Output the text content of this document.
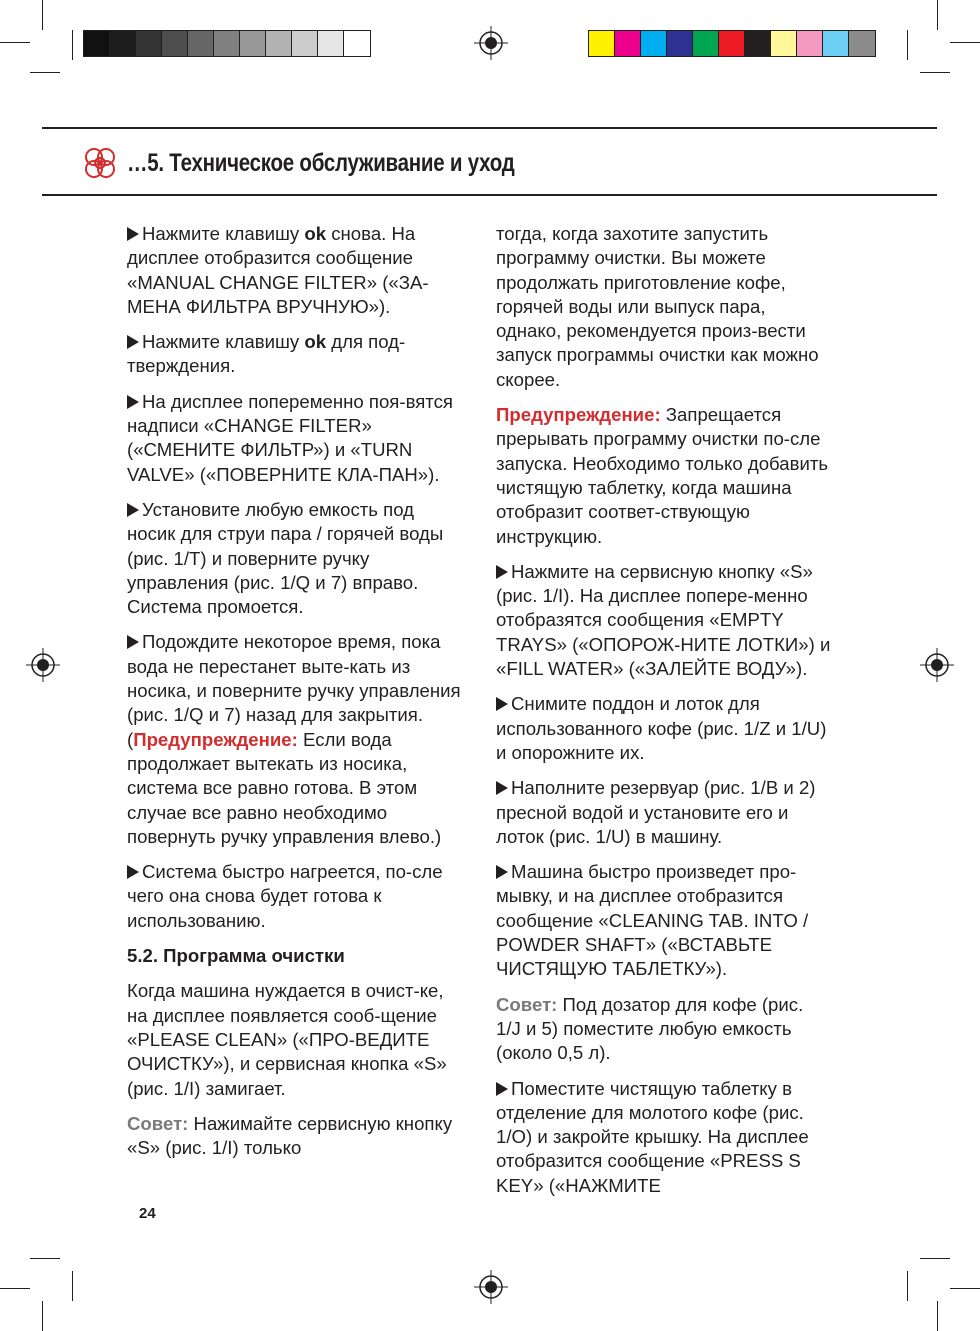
…5. Техническое обслуживание и уход

Нажмите клавишу ok снова. На дисплее отобразится сообщение «MANUAL CHANGE FILTER» («ЗА-МЕНА ФИЛЬТРА ВРУЧНУЮ»).

Нажмите клавишу ok для под-тверждения.

На дисплее попеременно поя-вятся надписи «CHANGE FILTER» («СМЕНИТЕ ФИЛЬТР») и «TURN VALVE» («ПОВЕРНИТЕ КЛА-ПАН»).

Установите любую емкость под носик для струи пара / горячей воды (рис. 1/T) и поверните ручку управления (рис. 1/Q и 7) вправо. Система промоется.

Подождите некоторое время, пока вода не перестанет выте-кать из носика, и поверните ручку управления (рис. 1/Q и 7) назад для закрытия. (Предупреждение: Если вода продолжает вытекать из носика, система все равно готова. В этом случае все равно необходимо повернуть ручку управления влево.)

Система быстро нагреется, по-сле чего она снова будет готова к использованию.

5.2. Программа очистки

Когда машина нуждается в очист-ке, на дисплее появляется сооб-щение «PLEASE CLEAN» («ПРО-ВЕДИТЕ ОЧИСТКУ»), и сервисная кнопка «S» (рис. 1/I) замигает.

Совет: Нажимайте сервисную кнопку «S» (рис. 1/I) только

тогда, когда захотите запустить программу очистки. Вы можете продолжать приготовление кофе, горячей воды или выпуск пара, однако, рекомендуется произ-вести запуск программы очистки как можно скорее.

Предупреждение: Запрещается прерывать программу очистки по-сле запуска. Необходимо только добавить чистящую таблетку, когда машина отобразит соответ-ствующую инструкцию.

Нажмите на сервисную кнопку «S» (рис. 1/I). На дисплее попере-менно отобразятся сообщения «EMPTY TRAYS» («ОПОРОЖ-НИТЕ ЛОТКИ») и «FILL WATER» («ЗАЛЕЙТЕ ВОДУ»).

Снимите поддон и лоток для использованного кофе (рис. 1/Z и 1/U) и опорожните их.

Наполните резервуар (рис. 1/B и 2) пресной водой и установите его и лоток (рис. 1/U) в машину.

Машина быстро произведет про-мывку, и на дисплее отобразится сообщение «CLEANING TAB. INTO / POWDER SHAFT» («ВСТАВЬТЕ ЧИСТЯЩУЮ ТАБЛЕТКУ»).

Совет: Под дозатор для кофе (рис. 1/J и 5) поместите любую емкость (около 0,5 л).

Поместите чистящую таблетку в отделение для молотого кофе (рис. 1/O) и закройте крышку. На дисплее отобразится сообщение «PRESS S KEY» («НАЖМИТЕ

24
